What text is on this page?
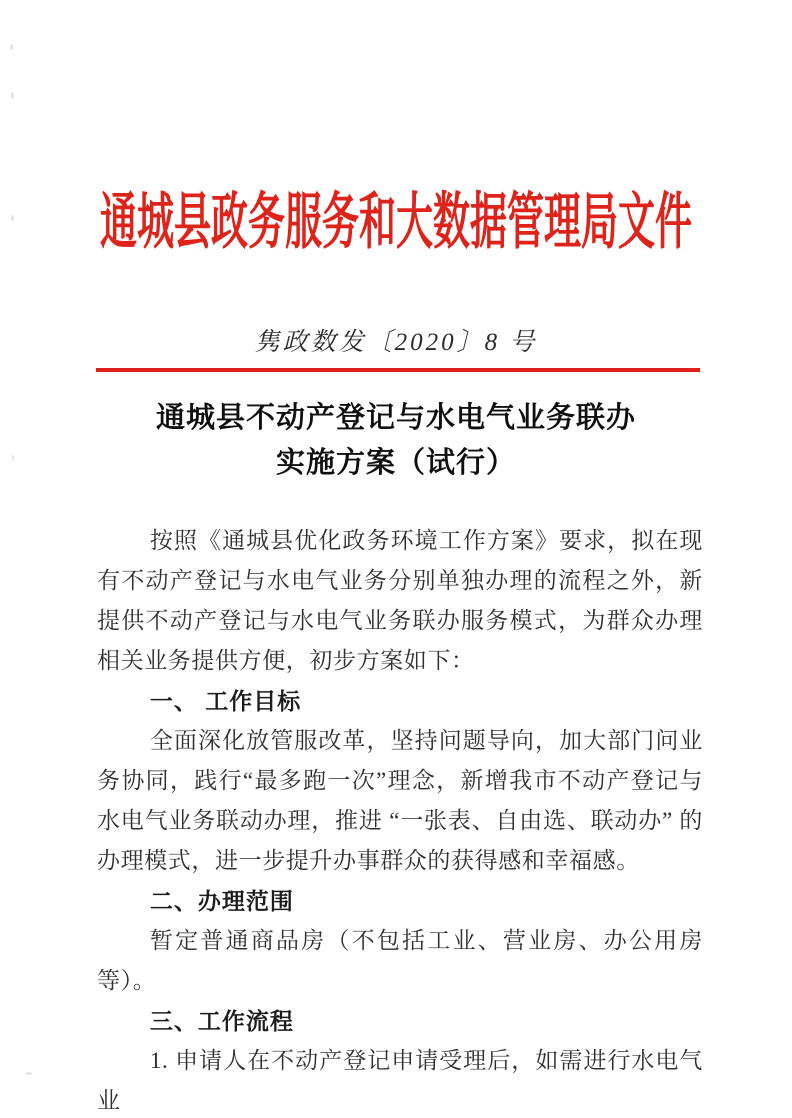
通城县政务服务和大数据管理局文件
隽政数发〔2020〕8 号
通城县不动产登记与水电气业务联办
实施方案（试行）

按照《通城县优化政务环境工作方案》要求，拟在现有不动产登记与水电气业务分别单独办理的流程之外，新提供不动产登记与水电气业务联办服务模式，为群众办理相关业务提供方便，初步方案如下：

一、 工作目标

全面深化放管服改革，坚持问题导向，加大部门问业务协同，践行“最多跑一次”理念，新增我市不动产登记与水电气业务联动办理，推进 “一张表、自由选、联动办” 的办理模式，进一步提升办事群众的获得感和幸福感。

二、办理范围

暂定普通商品房（不包括工业、营业房、办公用房等）。

三、工作流程

1. 申请人在不动产登记申请受理后，如需进行水电气业
